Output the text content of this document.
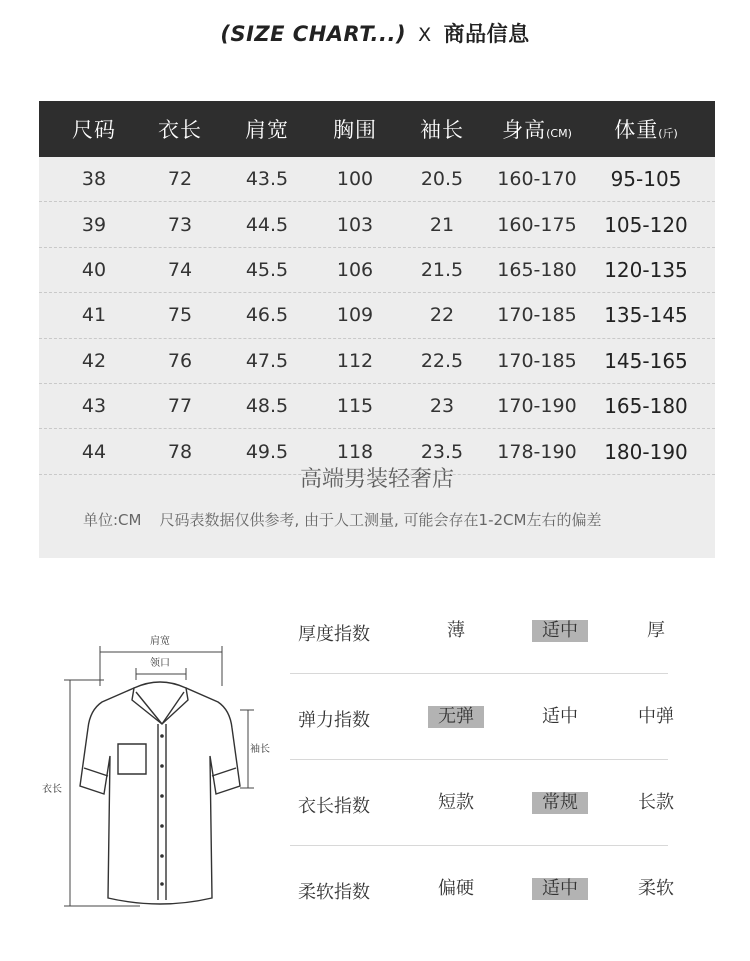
(SIZE CHART...) X 商品信息
尺码	衣长	肩宽	胸围	袖长	身高(CM)	体重(斤)
38	72	43.5	100	20.5	160-170	95-105
39	73	44.5	103	21	160-175	105-120
40	74	45.5	106	21.5	165-180	120-135
41	75	46.5	109	22	170-185	135-145
42	76	47.5	112	22.5	170-185	145-165
43	77	48.5	115	23	170-190	165-180
44	78	49.5	118	23.5	178-190	180-190
高端男装轻奢店
单位:CM 尺码表数据仅供参考, 由于人工测量, 可能会存在1-2CM左右的偏差
肩宽
领口
袖长
衣长
厚度指数	薄	适中	厚
弹力指数	无弹	适中	中弹
衣长指数	短款	常规	长款
柔软指数	偏硬	适中	柔软
